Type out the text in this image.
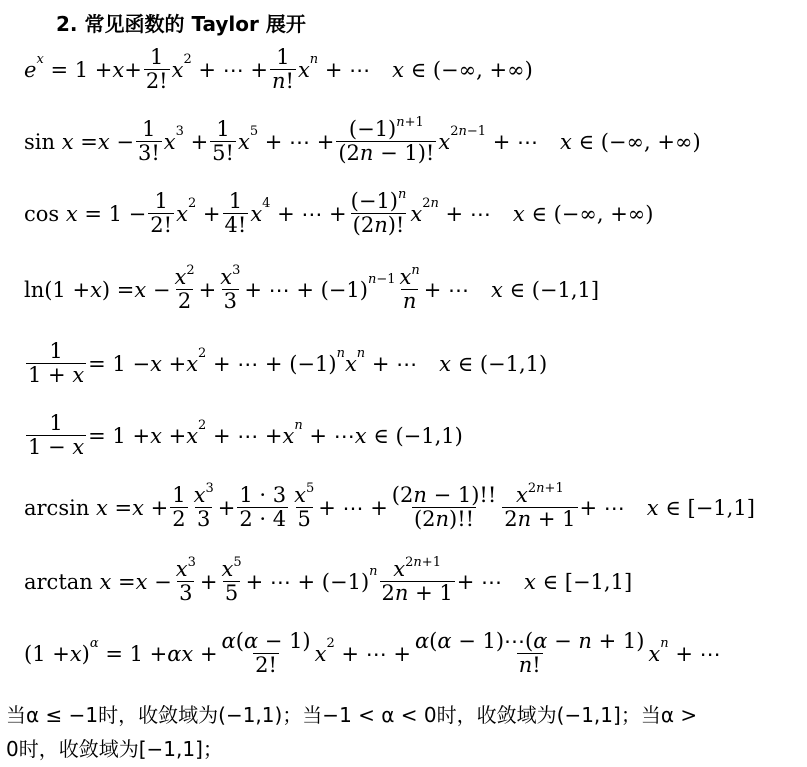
2. 常见函数的 Taylor 展开
e $x = 1 + x + \frac{1}{2!}$ x 2 + ⋯ + $\frac{1}{n!}$ x n + ⋯ x ∈ (−∞, +∞)
$\sin x = x - \frac{1}{3!}$ x $3 + \frac{1}{5!}$ x 5 + ⋯ + $\frac{(-1)^{n+1}}{(2n - 1)!}$ x 2n−1 + ⋯ x ∈ (−∞, +∞)
$\cos x = 1 - \frac{1}{2!}$ x $2 + \frac{1}{4!}$ x 4 + ⋯ + $\frac{(-1)^n}{(2n)!}$ x 2n + ⋯ x ∈ (−∞, +∞)
ln(1 + x ) = $x - \frac{x^2}{2} + \frac{x^3}{3}$ + ⋯ + (−1) $n-1 \frac{x^n}{n}$ + ⋯ x ∈ (−1,1]
$\frac{1}{1 + x} = 1 - x + x$ 2 + ⋯ + (−1) n x n + ⋯ x ∈ (−1,1)
$\frac{1}{1 - x} = 1 + x + x$ 2 + ⋯ + x n + ⋯ x ∈ (−1,1)
$\arcsin x = x + \frac{1}{2} \frac{x^3}{3} + \frac{1 \cdot 3}{2 \cdot 4} \frac{x^5}{5}$ + ⋯ + $\frac{(2n - 1)!!}{(2n)!!} \frac{x^{2n+1}}{2n + 1}$ + ⋯ x ∈ [−1,1]
$\arctan x = x - \frac{x^3}{3} + \frac{x^5}{5}$ + ⋯ + (−1) n $\frac{x^{2n+1}}{2n + 1}$ + ⋯ x ∈ [−1,1]
(1 + x ) $\alpha = 1 + \alpha x + \frac{\alpha(\alpha - 1)}{2!}$ x 2 + ⋯ + $\frac{\alpha(\alpha - 1)\cdots(\alpha - n + 1)}{n!}$ x n + ⋯
当α ≤ −1时，收敛域为(−1,1)；当−1 < α < 0时，收敛域为(−1,1]；当α >
0时，收敛域为[−1,1]；
